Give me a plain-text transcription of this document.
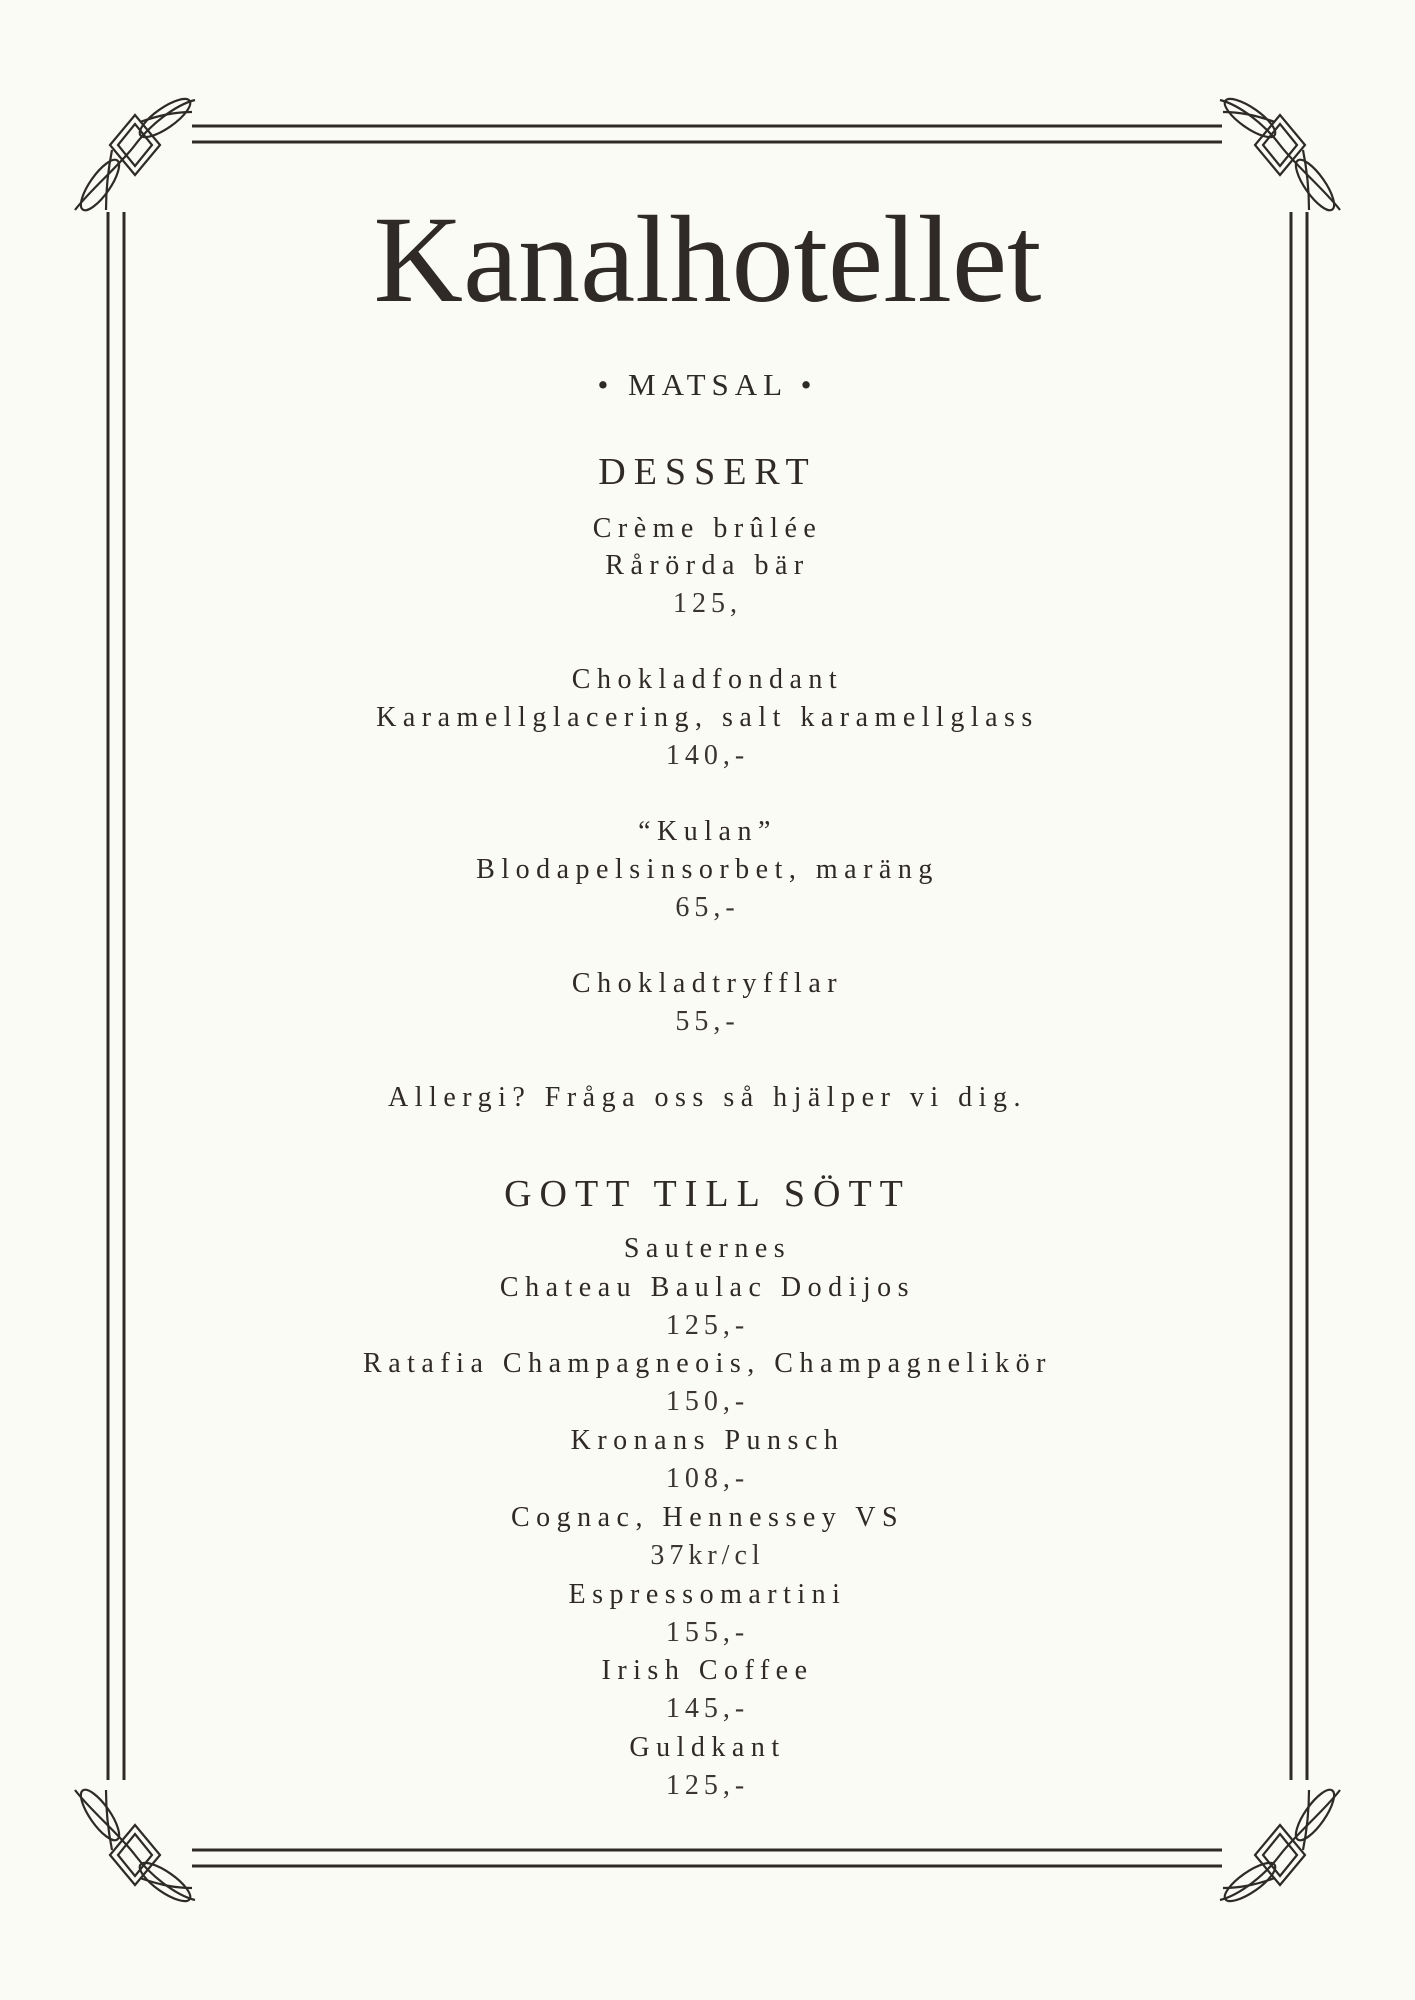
Kanalhotellet
• MATSAL •
DESSERT
Crème brûlée
Rårörda bär
125,
Chokladfondant
Karamellglacering, salt karamellglass
140,-
“Kulan”
Blodapelsinsorbet, maräng
65,-
Chokladtryfflar
55,-
Allergi? Fråga oss så hjälper vi dig.
GOTT TILL SÖTT
Sauternes
Chateau Baulac Dodijos
125,-
Ratafia Champagneois, Champagnelikör
150,-
Kronans Punsch
108,-
Cognac, Hennessey VS
37kr/cl
Espressomartini
155,-
Irish Coffee
145,-
Guldkant
125,-
